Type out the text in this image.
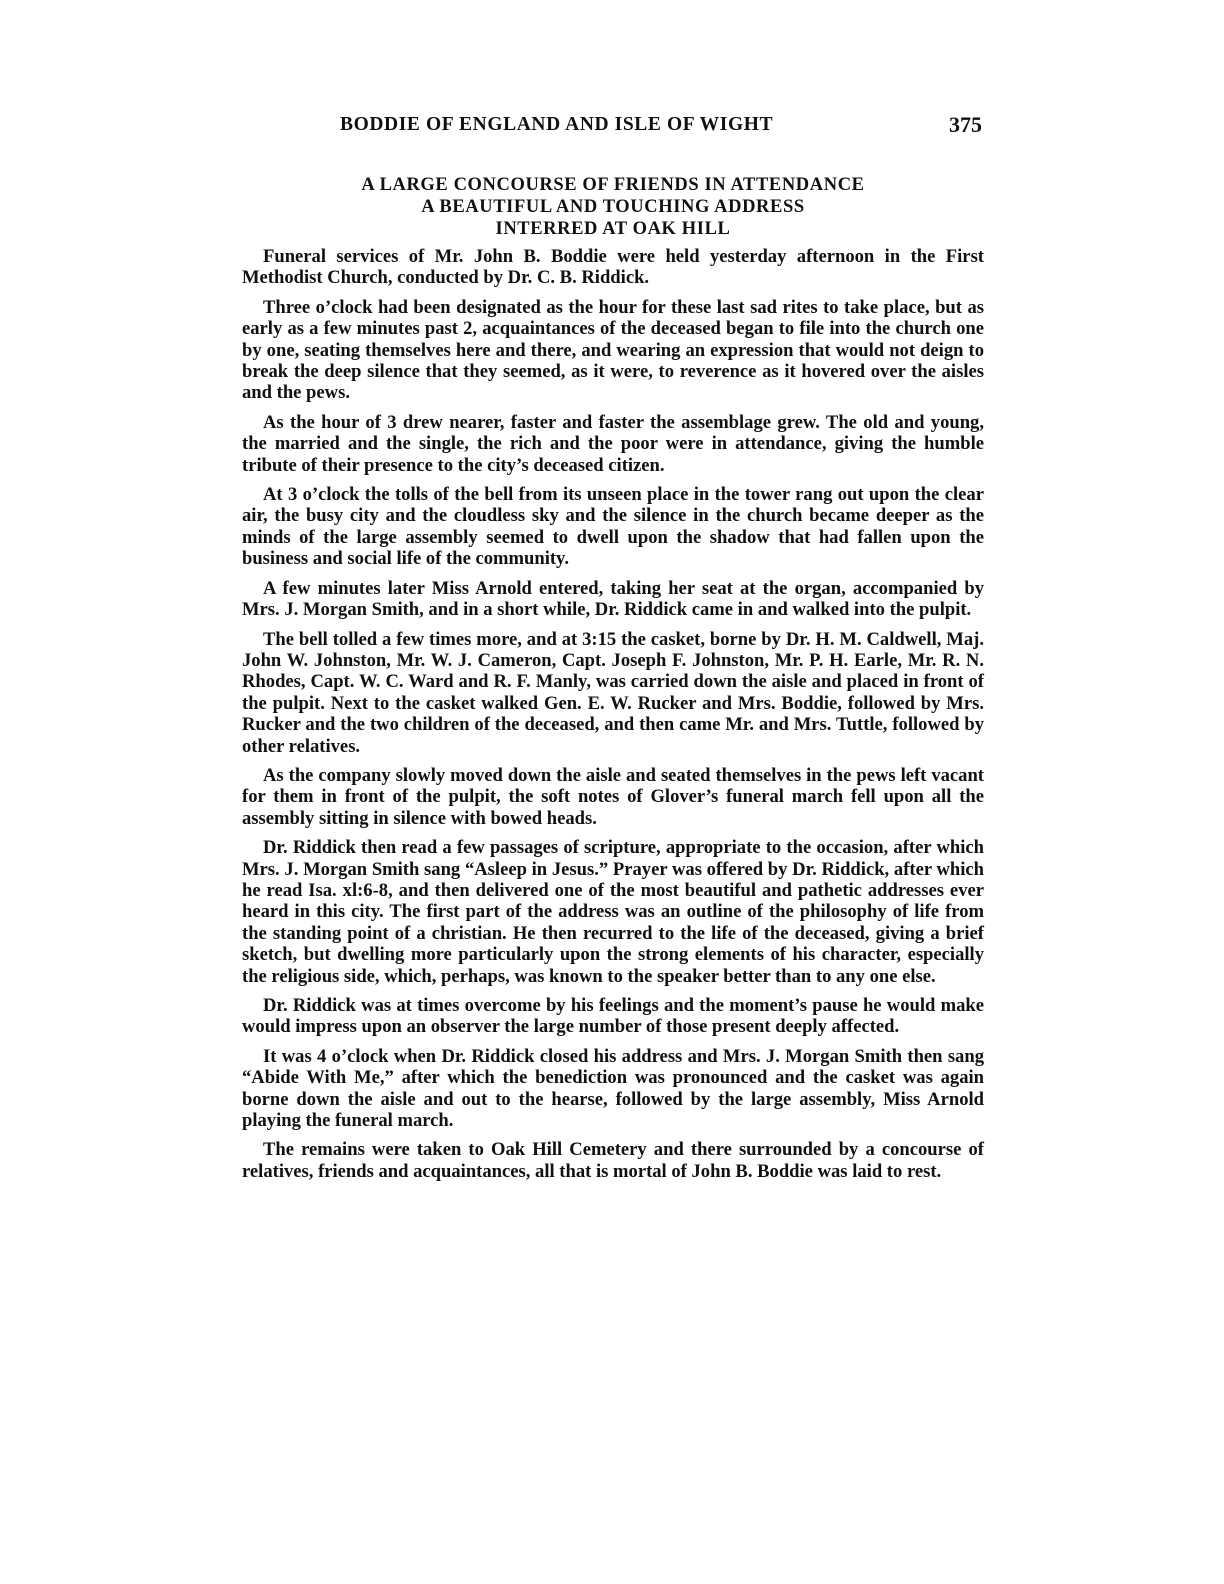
BODDIE OF ENGLAND AND ISLE OF WIGHT	375
A LARGE CONCOURSE OF FRIENDS IN ATTENDANCE
A BEAUTIFUL AND TOUCHING ADDRESS
INTERRED AT OAK HILL

Funeral services of Mr. John B. Boddie were held yesterday afternoon in the First Methodist Church, conducted by Dr. C. B. Riddick.

Three o’clock had been designated as the hour for these last sad rites to take place, but as early as a few minutes past 2, acquaintances of the deceased began to file into the church one by one, seating themselves here and there, and wearing an expression that would not deign to break the deep silence that they seemed, as it were, to reverence as it hovered over the aisles and the pews.

As the hour of 3 drew nearer, faster and faster the assemblage grew. The old and young, the married and the single, the rich and the poor were in attendance, giving the humble tribute of their presence to the city’s deceased citizen.

At 3 o’clock the tolls of the bell from its unseen place in the tower rang out upon the clear air, the busy city and the cloudless sky and the silence in the church became deeper as the minds of the large assembly seemed to dwell upon the shadow that had fallen upon the business and social life of the community.

A few minutes later Miss Arnold entered, taking her seat at the organ, accompanied by Mrs. J. Morgan Smith, and in a short while, Dr. Riddick came in and walked into the pulpit.

The bell tolled a few times more, and at 3:15 the casket, borne by Dr. H. M. Caldwell, Maj. John W. Johnston, Mr. W. J. Cameron, Capt. Joseph F. Johnston, Mr. P. H. Earle, Mr. R. N. Rhodes, Capt. W. C. Ward and R. F. Manly, was carried down the aisle and placed in front of the pulpit. Next to the casket walked Gen. E. W. Rucker and Mrs. Boddie, followed by Mrs. Rucker and the two children of the deceased, and then came Mr. and Mrs. Tuttle, followed by other relatives.

As the company slowly moved down the aisle and seated themselves in the pews left vacant for them in front of the pulpit, the soft notes of Glover’s funeral march fell upon all the assembly sitting in silence with bowed heads.

Dr. Riddick then read a few passages of scripture, appropriate to the occasion, after which Mrs. J. Morgan Smith sang “Asleep in Jesus.” Prayer was offered by Dr. Riddick, after which he read Isa. xl:6-8, and then delivered one of the most beautiful and pathetic addresses ever heard in this city. The first part of the address was an outline of the philosophy of life from the standing point of a christian. He then recurred to the life of the deceased, giving a brief sketch, but dwelling more particularly upon the strong elements of his character, especially the religious side, which, perhaps, was known to the speaker better than to any one else.

Dr. Riddick was at times overcome by his feelings and the moment’s pause he would make would impress upon an observer the large number of those present deeply affected.

It was 4 o’clock when Dr. Riddick closed his address and Mrs. J. Morgan Smith then sang “Abide With Me,” after which the benediction was pronounced and the casket was again borne down the aisle and out to the hearse, followed by the large assembly, Miss Arnold playing the funeral march.

The remains were taken to Oak Hill Cemetery and there surrounded by a concourse of relatives, friends and acquaintances, all that is mortal of John B. Boddie was laid to rest.
